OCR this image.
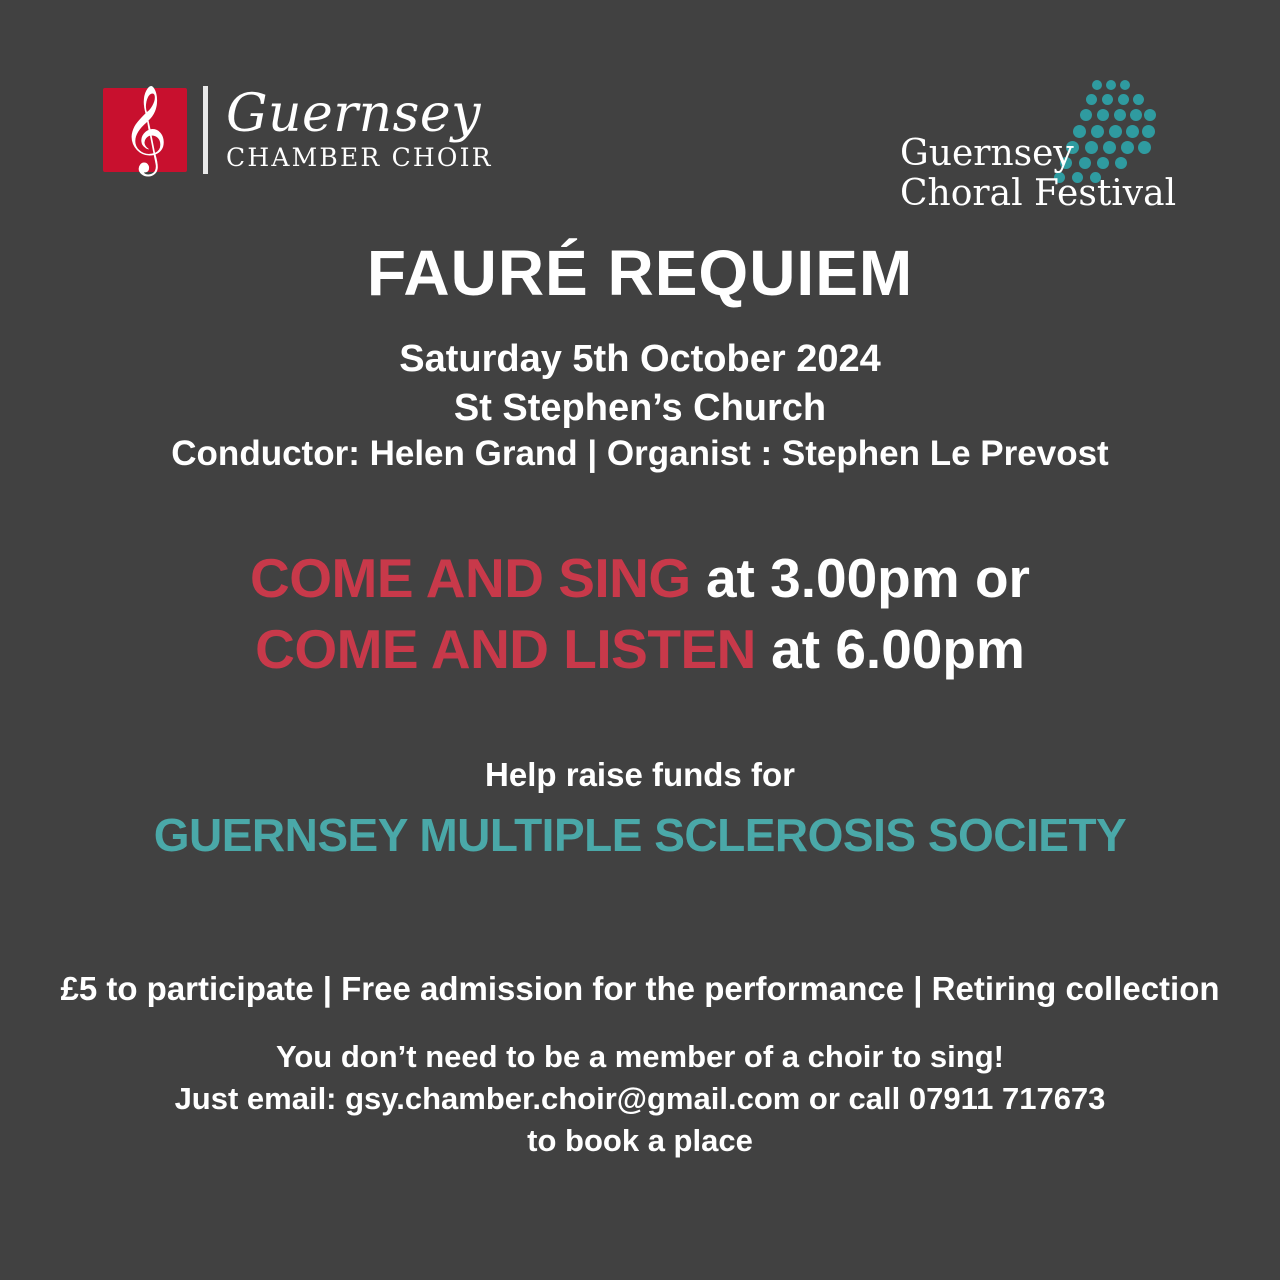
𝄞 Guernsey
CHAMBER CHOIR	Guernsey
Choral Festival
FAURÉ REQUIEM
Saturday 5th October 2024
St Stephen’s Church
Conductor: Helen Grand | Organist : Stephen Le Prevost
COME AND SING at 3.00pm or
COME AND LISTEN at 6.00pm
Help raise funds for
GUERNSEY MULTIPLE SCLEROSIS SOCIETY
£5 to participate | Free admission for the performance | Retiring collection
You don’t need to be a member of a choir to sing!
Just email: gsy.chamber.choir@gmail.com or call 07911 717673
to book a place
